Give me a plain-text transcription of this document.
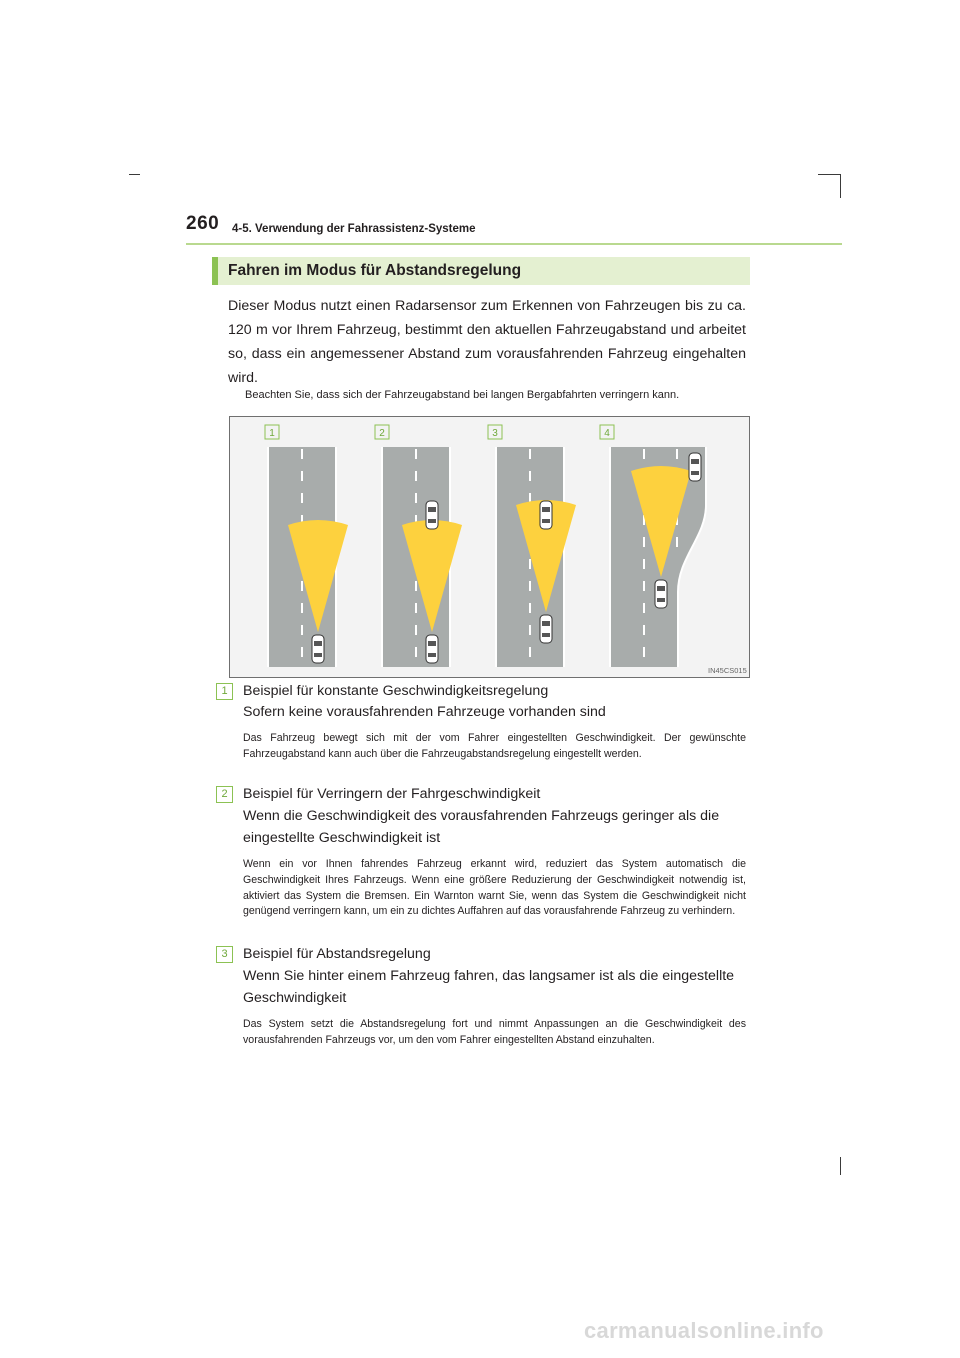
260 4-5. Verwendung der Fahrassistenz-Systeme
Fahren im Modus für Abstandsregelung

Dieser Modus nutzt einen Radarsensor zum Erkennen von Fahrzeugen bis zu ca. 120 m vor Ihrem Fahrzeug, bestimmt den aktuellen Fahrzeugabstand und arbeitet so, dass ein angemessener Abstand zum vorausfahrenden Fahrzeug eingehalten wird.

Beachten Sie, dass sich der Fahrzeugabstand bei langen Bergabfahrten verringern kann.

1	2	3	4
IN45CS015
1	Beispiel für konstante Geschwindigkeitsregelung

Sofern keine vorausfahrenden Fahrzeuge vorhanden sind

Das Fahrzeug bewegt sich mit der vom Fahrer eingestellten Geschwindigkeit. Der gewünschte Fahrzeugabstand kann auch über die Fahrzeugabstandsregelung eingestellt werden.

2	Beispiel für Verringern der Fahrgeschwindigkeit

Wenn die Geschwindigkeit des vorausfahrenden Fahrzeugs geringer als die eingestellte Geschwindigkeit ist

Wenn ein vor Ihnen fahrendes Fahrzeug erkannt wird, reduziert das System automatisch die Geschwindigkeit Ihres Fahrzeugs. Wenn eine größere Reduzierung der Geschwindigkeit notwendig ist, aktiviert das System die Bremsen. Ein Warnton warnt Sie, wenn das System die Geschwindigkeit nicht genügend verringern kann, um ein zu dichtes Auffahren auf das vorausfahrende Fahrzeug zu verhindern.

3	Beispiel für Abstandsregelung

Wenn Sie hinter einem Fahrzeug fahren, das langsamer ist als die eingestellte Geschwindigkeit

Das System setzt die Abstandsregelung fort und nimmt Anpassungen an die Geschwindigkeit des vorausfahrenden Fahrzeugs vor, um den vom Fahrer eingestellten Abstand einzuhalten.

carmanualsonline.info
